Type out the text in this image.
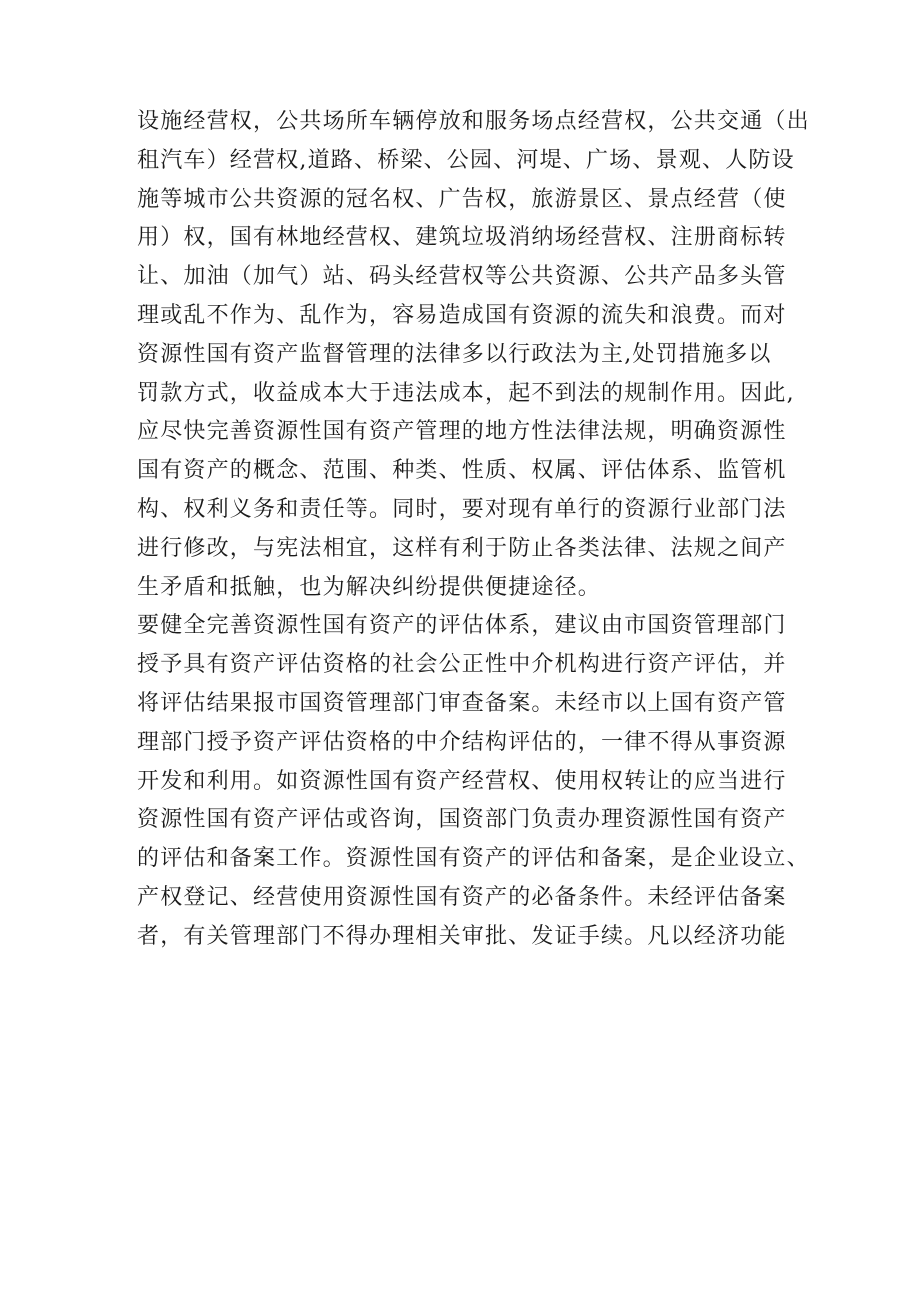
设施经营权，公共场所车辆停放和服务场点经营权，公共交通（出
租汽车）经营权,道路、桥梁、公园、河堤、广场、景观、人防设
施等城市公共资源的冠名权、广告权，旅游景区、景点经营（使
用）权，国有林地经营权、建筑垃圾消纳场经营权、注册商标转
让、加油（加气）站、码头经营权等公共资源、公共产品多头管
理或乱不作为、乱作为，容易造成国有资源的流失和浪费。而对
资源性国有资产监督管理的法律多以行政法为主,处罚措施多以
罚款方式，收益成本大于违法成本，起不到法的规制作用。因此,
应尽快完善资源性国有资产管理的地方性法律法规，明确资源性
国有资产的概念、范围、种类、性质、权属、评估体系、监管机
构、权利义务和责任等。同时，要对现有单行的资源行业部门法
进行修改，与宪法相宜，这样有利于防止各类法律、法规之间产
生矛盾和抵触，也为解决纠纷提供便捷途径。
要健全完善资源性国有资产的评估体系，建议由市国资管理部门
授予具有资产评估资格的社会公正性中介机构进行资产评估，并
将评估结果报市国资管理部门审查备案。未经市以上国有资产管
理部门授予资产评估资格的中介结构评估的，一律不得从事资源
开发和利用。如资源性国有资产经营权、使用权转让的应当进行
资源性国有资产评估或咨询，国资部门负责办理资源性国有资产
的评估和备案工作。资源性国有资产的评估和备案，是企业设立、
产权登记、经营使用资源性国有资产的必备条件。未经评估备案
者，有关管理部门不得办理相关审批、发证手续。凡以经济功能
